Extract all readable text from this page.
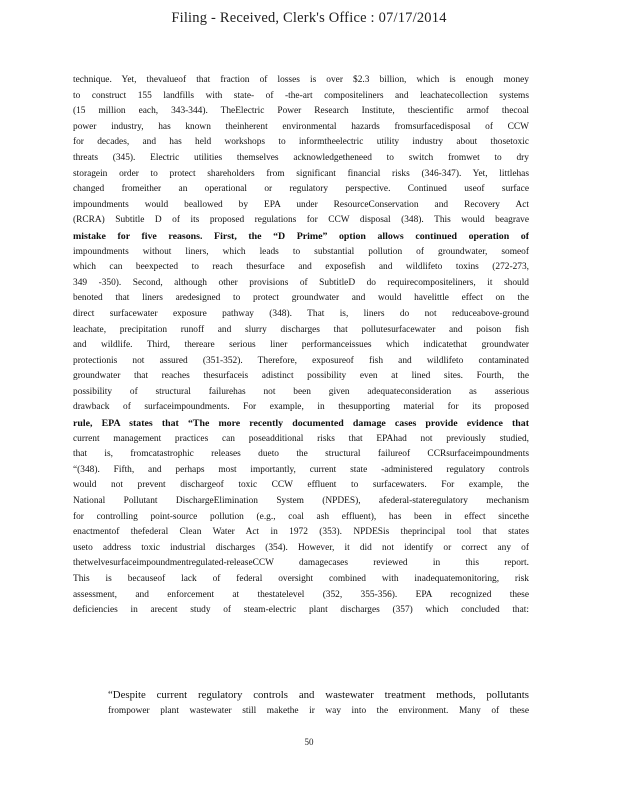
Filing - Received, Clerk's Office : 07/17/2014
technique. Yet, thevalueof that fraction of losses is over $2.3 billion, which is enough money
to construct 155 landfills with state- of -the-art compositeliners and leachatecollection systems
(15 million each, 343-344). TheElectric Power Research Institute, thescientific armof thecoal
power industry, has known theinherent environmental hazards fromsurfacedisposal of CCW
for decades, and has held workshops to informtheelectric utility industry about thosetoxic
threats (345). Electric utilities themselves acknowledgetheneed to switch fromwet to dry
storagein order to protect shareholders from significant financial risks (346-347). Yet, littlehas
changed fromeither an operational or regulatory perspective. Continued useof surface
impoundments would beallowed by EPA under ResourceConservation and Recovery Act
(RCRA) Subtitle D of its proposed regulations for CCW disposal (348). This would beagrave
mistake for five reasons. First, the “D Prime” option allows continued operation of
impoundments without liners, which leads to substantial pollution of groundwater, someof
which can beexpected to reach thesurface and exposefish and wildlifeto toxins (272-273,
349 -350). Second, although other provisions of SubtitleD do requirecompositeliners, it should
benoted that liners aredesigned to protect groundwater and would havelittle effect on the
direct surfacewater exposure pathway (348). That is, liners do not reduceabove-ground
leachate, precipitation runoff and slurry discharges that pollutesurfacewater and poison fish
and wildlife. Third, thereare serious liner performanceissues which indicatethat groundwater
protectionis not assured (351-352). Therefore, exposureof fish and wildlifeto contaminated
groundwater that reaches thesurfaceis adistinct possibility even at lined sites. Fourth, the
possibility of structural failurehas not been given adequateconsideration as asserious
drawback of surfaceimpoundments. For example, in thesupporting material for its proposed
rule, EPA states that “The more recently documented damage cases provide evidence that
current management practices can poseadditional risks that EPAhad not previously studied,
that is, fromcatastrophic releases dueto the structural failureof CCRsurfaceimpoundments
“(348). Fifth, and perhaps most importantly, current state -administered regulatory controls
would not prevent dischargeof toxic CCW effluent to surfacewaters. For example, the
National Pollutant DischargeElimination System (NPDES), afederal-stateregulatory mechanism
for controlling point-source pollution (e.g., coal ash effluent), has been in effect sincethe
enactmentof thefederal Clean Water Act in 1972 (353). NPDESis theprincipal tool that states
useto address toxic industrial discharges (354). However, it did not identify or correct any of
thetwelvesurfaceimpoundmentregulated-releaseCCW damagecases reviewed in this report.
This is becauseof lack of federal oversight combined with inadequatemonitoring, risk
assessment, and enforcement at thestatelevel (352, 355-356). EPA recognized these
deficiencies in arecent study of steam-electric plant discharges (357) which concluded that:
“Despite current regulatory controls and wastewater treatment methods, pollutants
frompower plant wastewater still makethe ir way into the environment. Many of these
50
